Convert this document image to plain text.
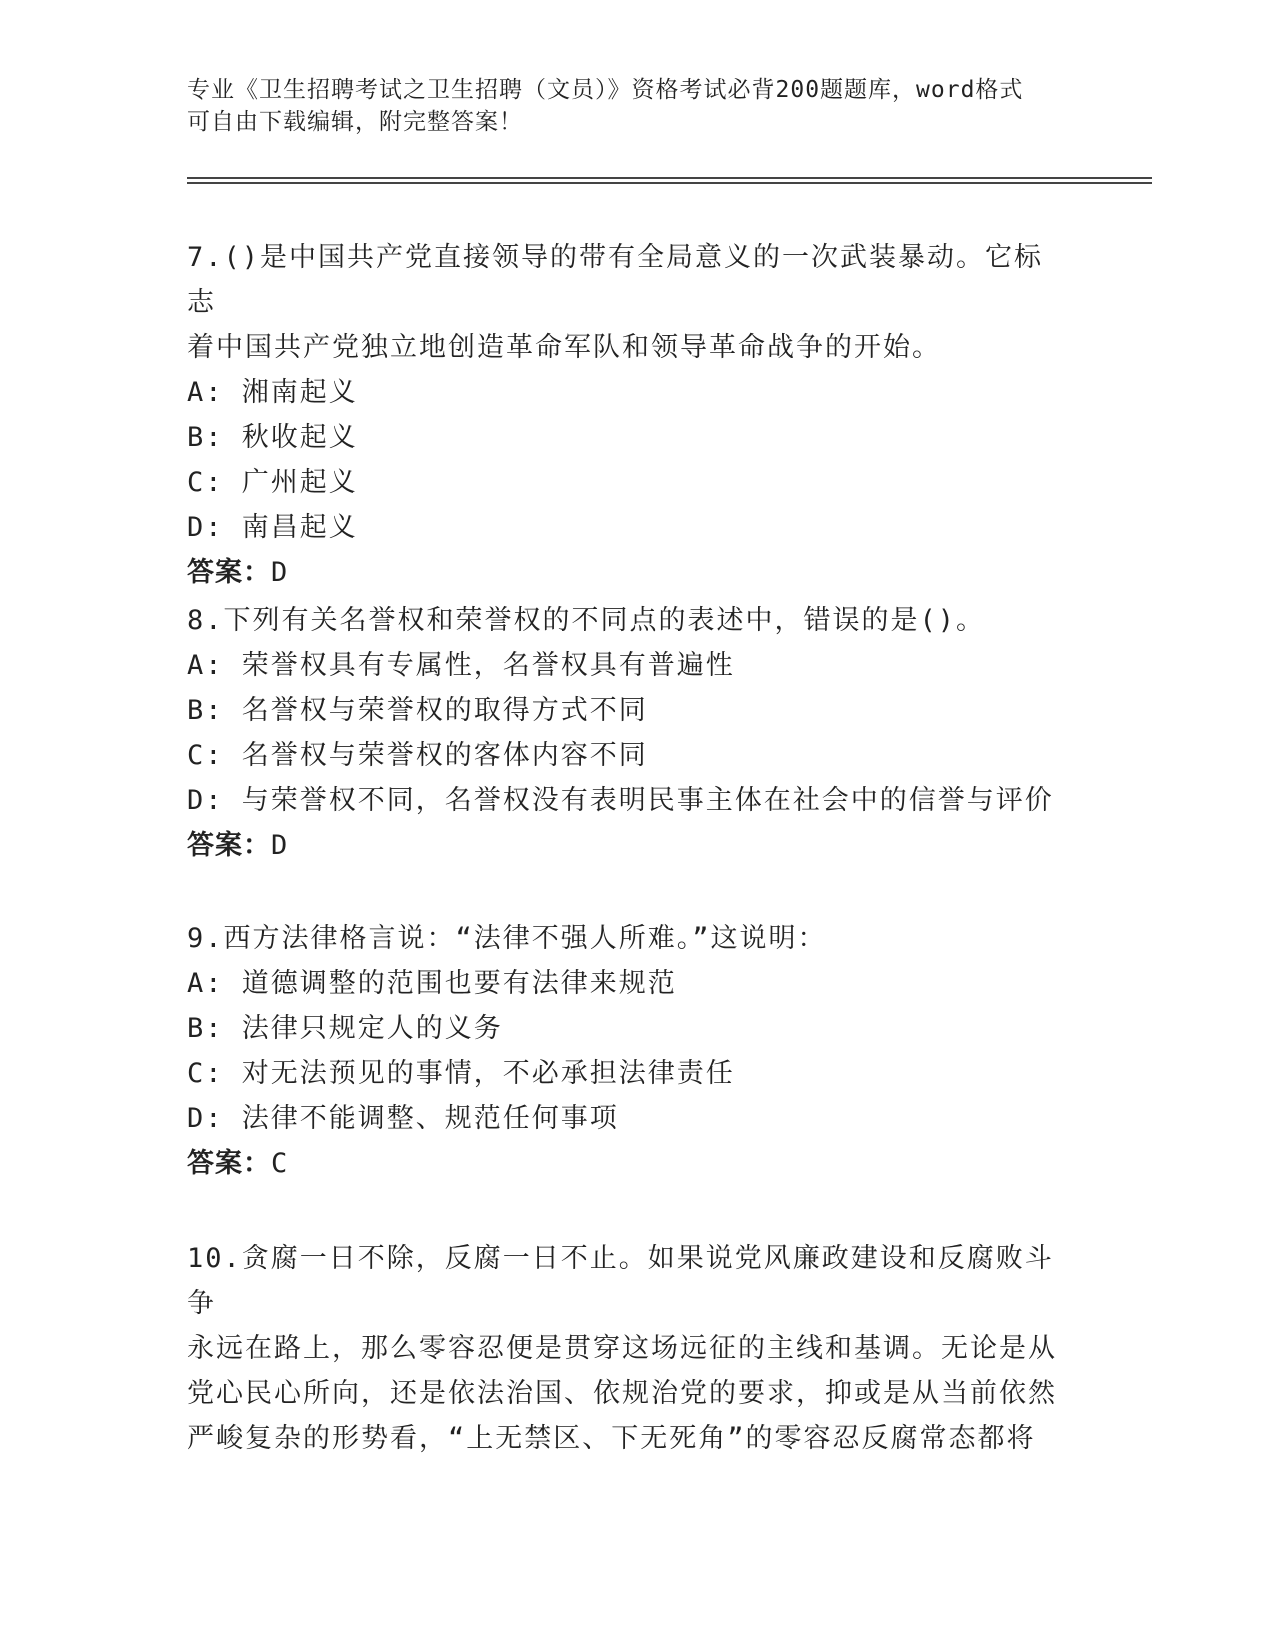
专业《卫生招聘考试之卫生招聘（文员）》资格考试必背200题题库，word格式
可自由下载编辑，附完整答案！

7.()是中国共产党直接领导的带有全局意义的一次武装暴动。它标志

着中国共产党独立地创造革命军队和领导革命战争的开始。

A: 湘南起义

B: 秋收起义

C: 广州起义

D: 南昌起义

答案：D

8.下列有关名誉权和荣誉权的不同点的表述中，错误的是()。

A: 荣誉权具有专属性，名誉权具有普遍性

B: 名誉权与荣誉权的取得方式不同

C: 名誉权与荣誉权的客体内容不同

D: 与荣誉权不同，名誉权没有表明民事主体在社会中的信誉与评价

答案：D

9.西方法律格言说：“法律不强人所难。”这说明：

A: 道德调整的范围也要有法律来规范

B: 法律只规定人的义务

C: 对无法预见的事情，不必承担法律责任

D: 法律不能调整、规范任何事项

答案：C

10.贪腐一日不除，反腐一日不止。如果说党风廉政建设和反腐败斗争

永远在路上，那么零容忍便是贯穿这场远征的主线和基调。无论是从

党心民心所向，还是依法治国、依规治党的要求，抑或是从当前依然

严峻复杂的形势看，“上无禁区、下无死角”的零容忍反腐常态都将
